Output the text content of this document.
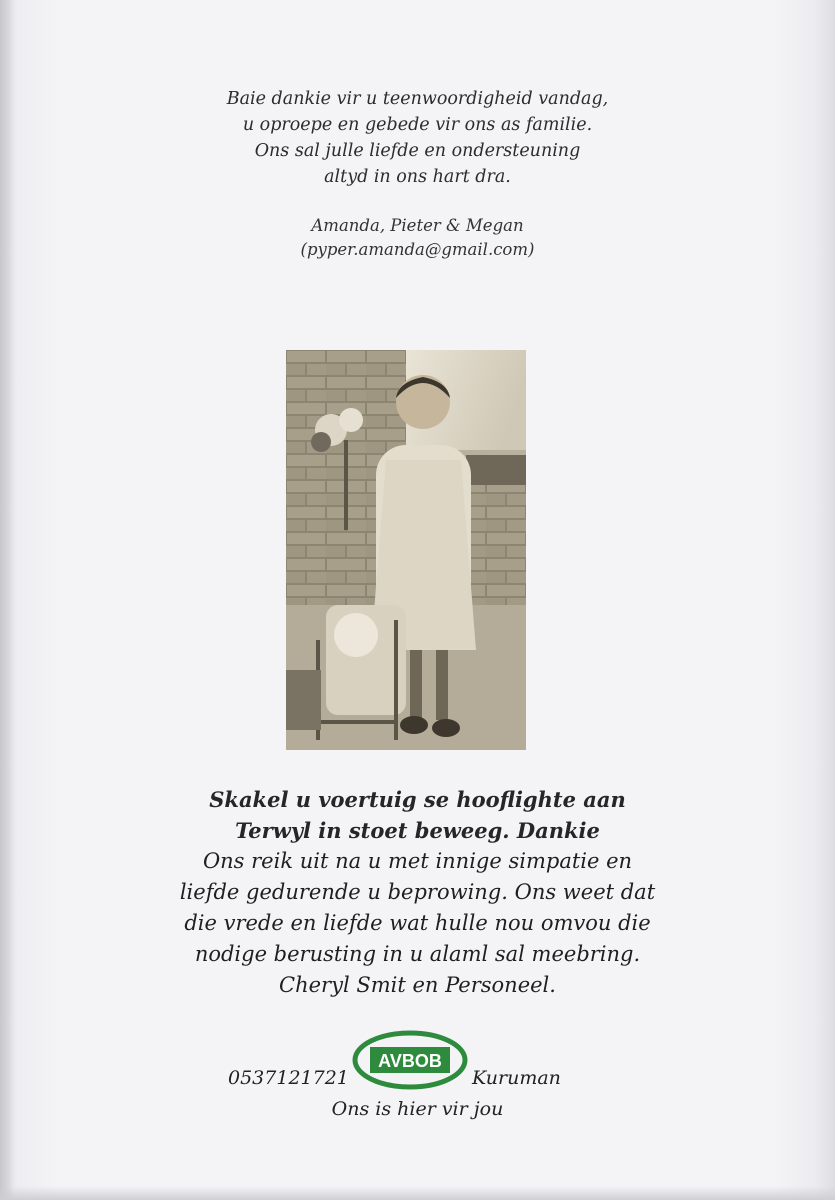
Baie dankie vir u teenwoordigheid vandag,
u oproepe en gebede vir ons as familie.
Ons sal julle liefde en ondersteuning
altyd in ons hart dra.
Amanda, Pieter & Megan
(pyper.amanda@gmail.com)
Skakel u voertuig se hooflighte aan
Terwyl in stoet beweeg. Dankie
Ons reik uit na u met innige simpatie en
liefde gedurende u beprowing. Ons weet dat
die vrede en liefde wat hulle nou omvou die
nodige berusting in u alaml sal meebring.
Cheryl Smit en Personeel.
AVBOB
0537121721	Kuruman
Ons is hier vir jou
